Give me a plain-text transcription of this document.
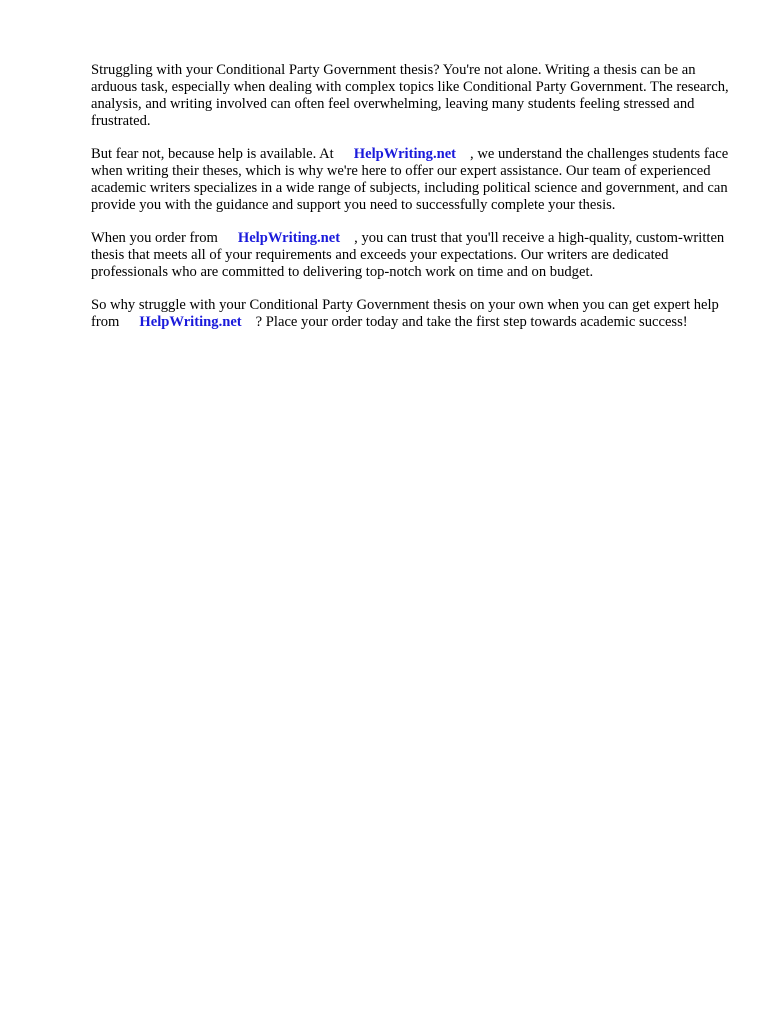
Struggling with your Conditional Party Government thesis? You're not alone. Writing a thesis can be an arduous task, especially when dealing with complex topics like Conditional Party Government. The research, analysis, and writing involved can often feel overwhelming, leaving many students feeling stressed and frustrated.

But fear not, because help is available. At HelpWriting.net , we understand the challenges students face when writing their theses, which is why we're here to offer our expert assistance. Our team of experienced academic writers specializes in a wide range of subjects, including political science and government, and can provide you with the guidance and support you need to successfully complete your thesis.

When you order from HelpWriting.net , you can trust that you'll receive a high-quality, custom-written thesis that meets all of your requirements and exceeds your expectations. Our writers are dedicated professionals who are committed to delivering top-notch work on time and on budget.

So why struggle with your Conditional Party Government thesis on your own when you can get expert help from HelpWriting.net ? Place your order today and take the first step towards academic success!
